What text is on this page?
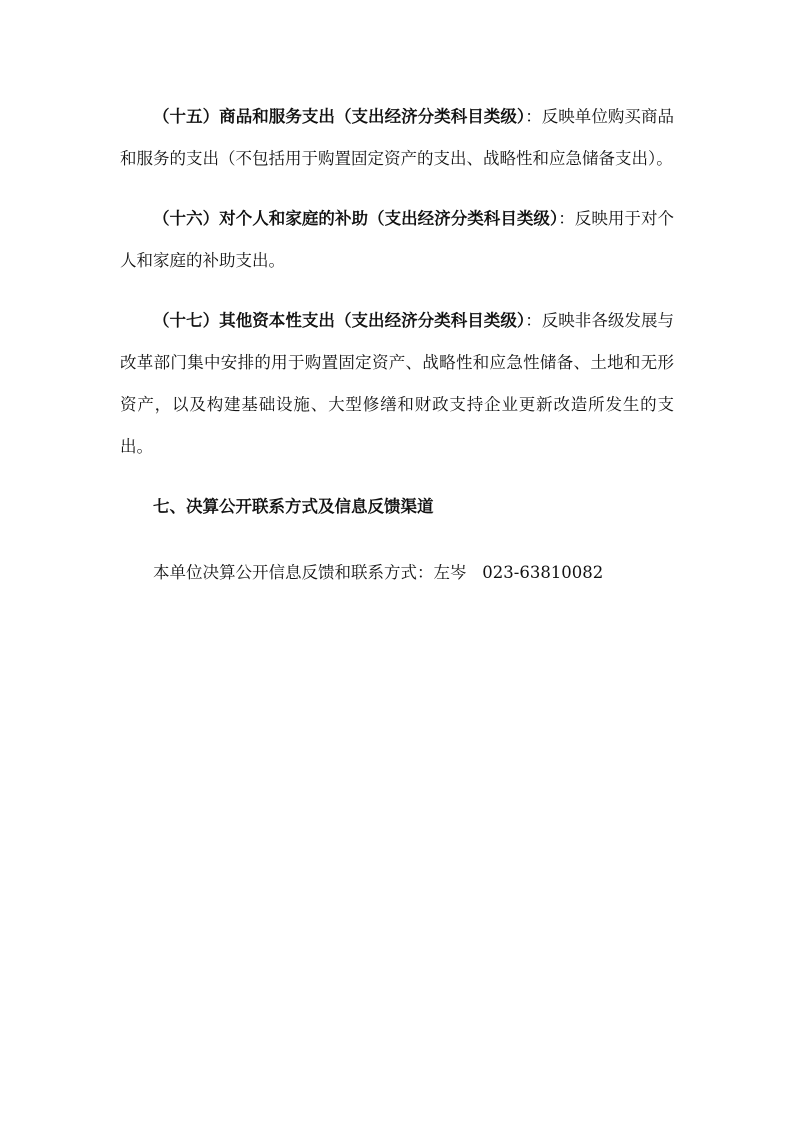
（十五）商品和服务支出（支出经济分类科目类级）：反映单位购买商品和服务的支出（不包括用于购置固定资产的支出、战略性和应急储备支出）。

（十六）对个人和家庭的补助（支出经济分类科目类级）：反映用于对个人和家庭的补助支出。

（十七）其他资本性支出（支出经济分类科目类级）：反映非各级发展与改革部门集中安排的用于购置固定资产、战略性和应急性储备、土地和无形资产，以及构建基础设施、大型修缮和财政支持企业更新改造所发生的支出。

七、决算公开联系方式及信息反馈渠道

本单位决算公开信息反馈和联系方式：左岑 023-63810082
